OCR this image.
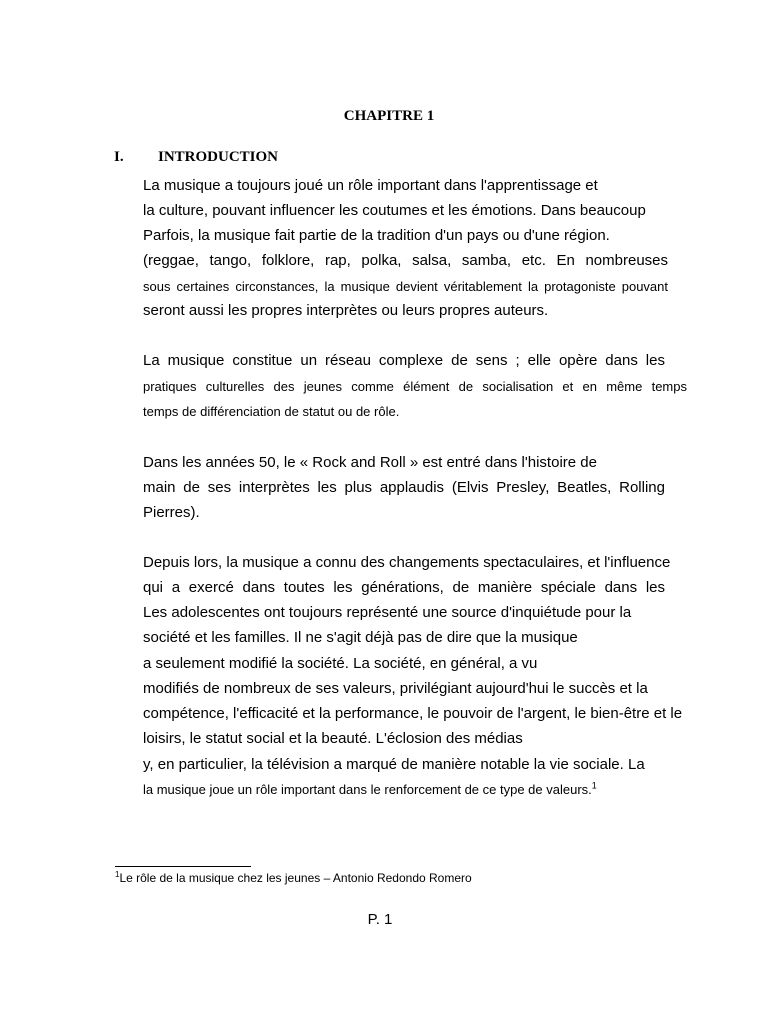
CHAPITRE 1
I. INTRODUCTION
La musique a toujours joué un rôle important dans l'apprentissage et
la culture, pouvant influencer les coutumes et les émotions. Dans beaucoup
Parfois, la musique fait partie de la tradition d'un pays ou d'une région.
(reggae, tango, folklore, rap, polka, salsa, samba, etc. En nombreuses
sous certaines circonstances, la musique devient véritablement la protagoniste pouvant
seront aussi les propres interprètes ou leurs propres auteurs.
La musique constitue un réseau complexe de sens ; elle opère dans les
pratiques culturelles des jeunes comme élément de socialisation et en même temps
temps de différenciation de statut ou de rôle.
Dans les années 50, le « Rock and Roll » est entré dans l'histoire de
main de ses interprètes les plus applaudis (Elvis Presley, Beatles, Rolling
Pierres).
Depuis lors, la musique a connu des changements spectaculaires, et l'influence
qui a exercé dans toutes les générations, de manière spéciale dans les
Les adolescentes ont toujours représenté une source d'inquiétude pour la
société et les familles. Il ne s'agit déjà pas de dire que la musique
a seulement modifié la société. La société, en général, a vu
modifiés de nombreux de ses valeurs, privilégiant aujourd'hui le succès et la
compétence, l'efficacité et la performance, le pouvoir de l'argent, le bien-être et le
loisirs, le statut social et la beauté. L'éclosion des médias
y, en particulier, la télévision a marqué de manière notable la vie sociale. La
la musique joue un rôle important dans le renforcement de ce type de valeurs.$^1$
$^1$Le rôle de la musique chez les jeunes – Antonio Redondo Romero
P. 1
